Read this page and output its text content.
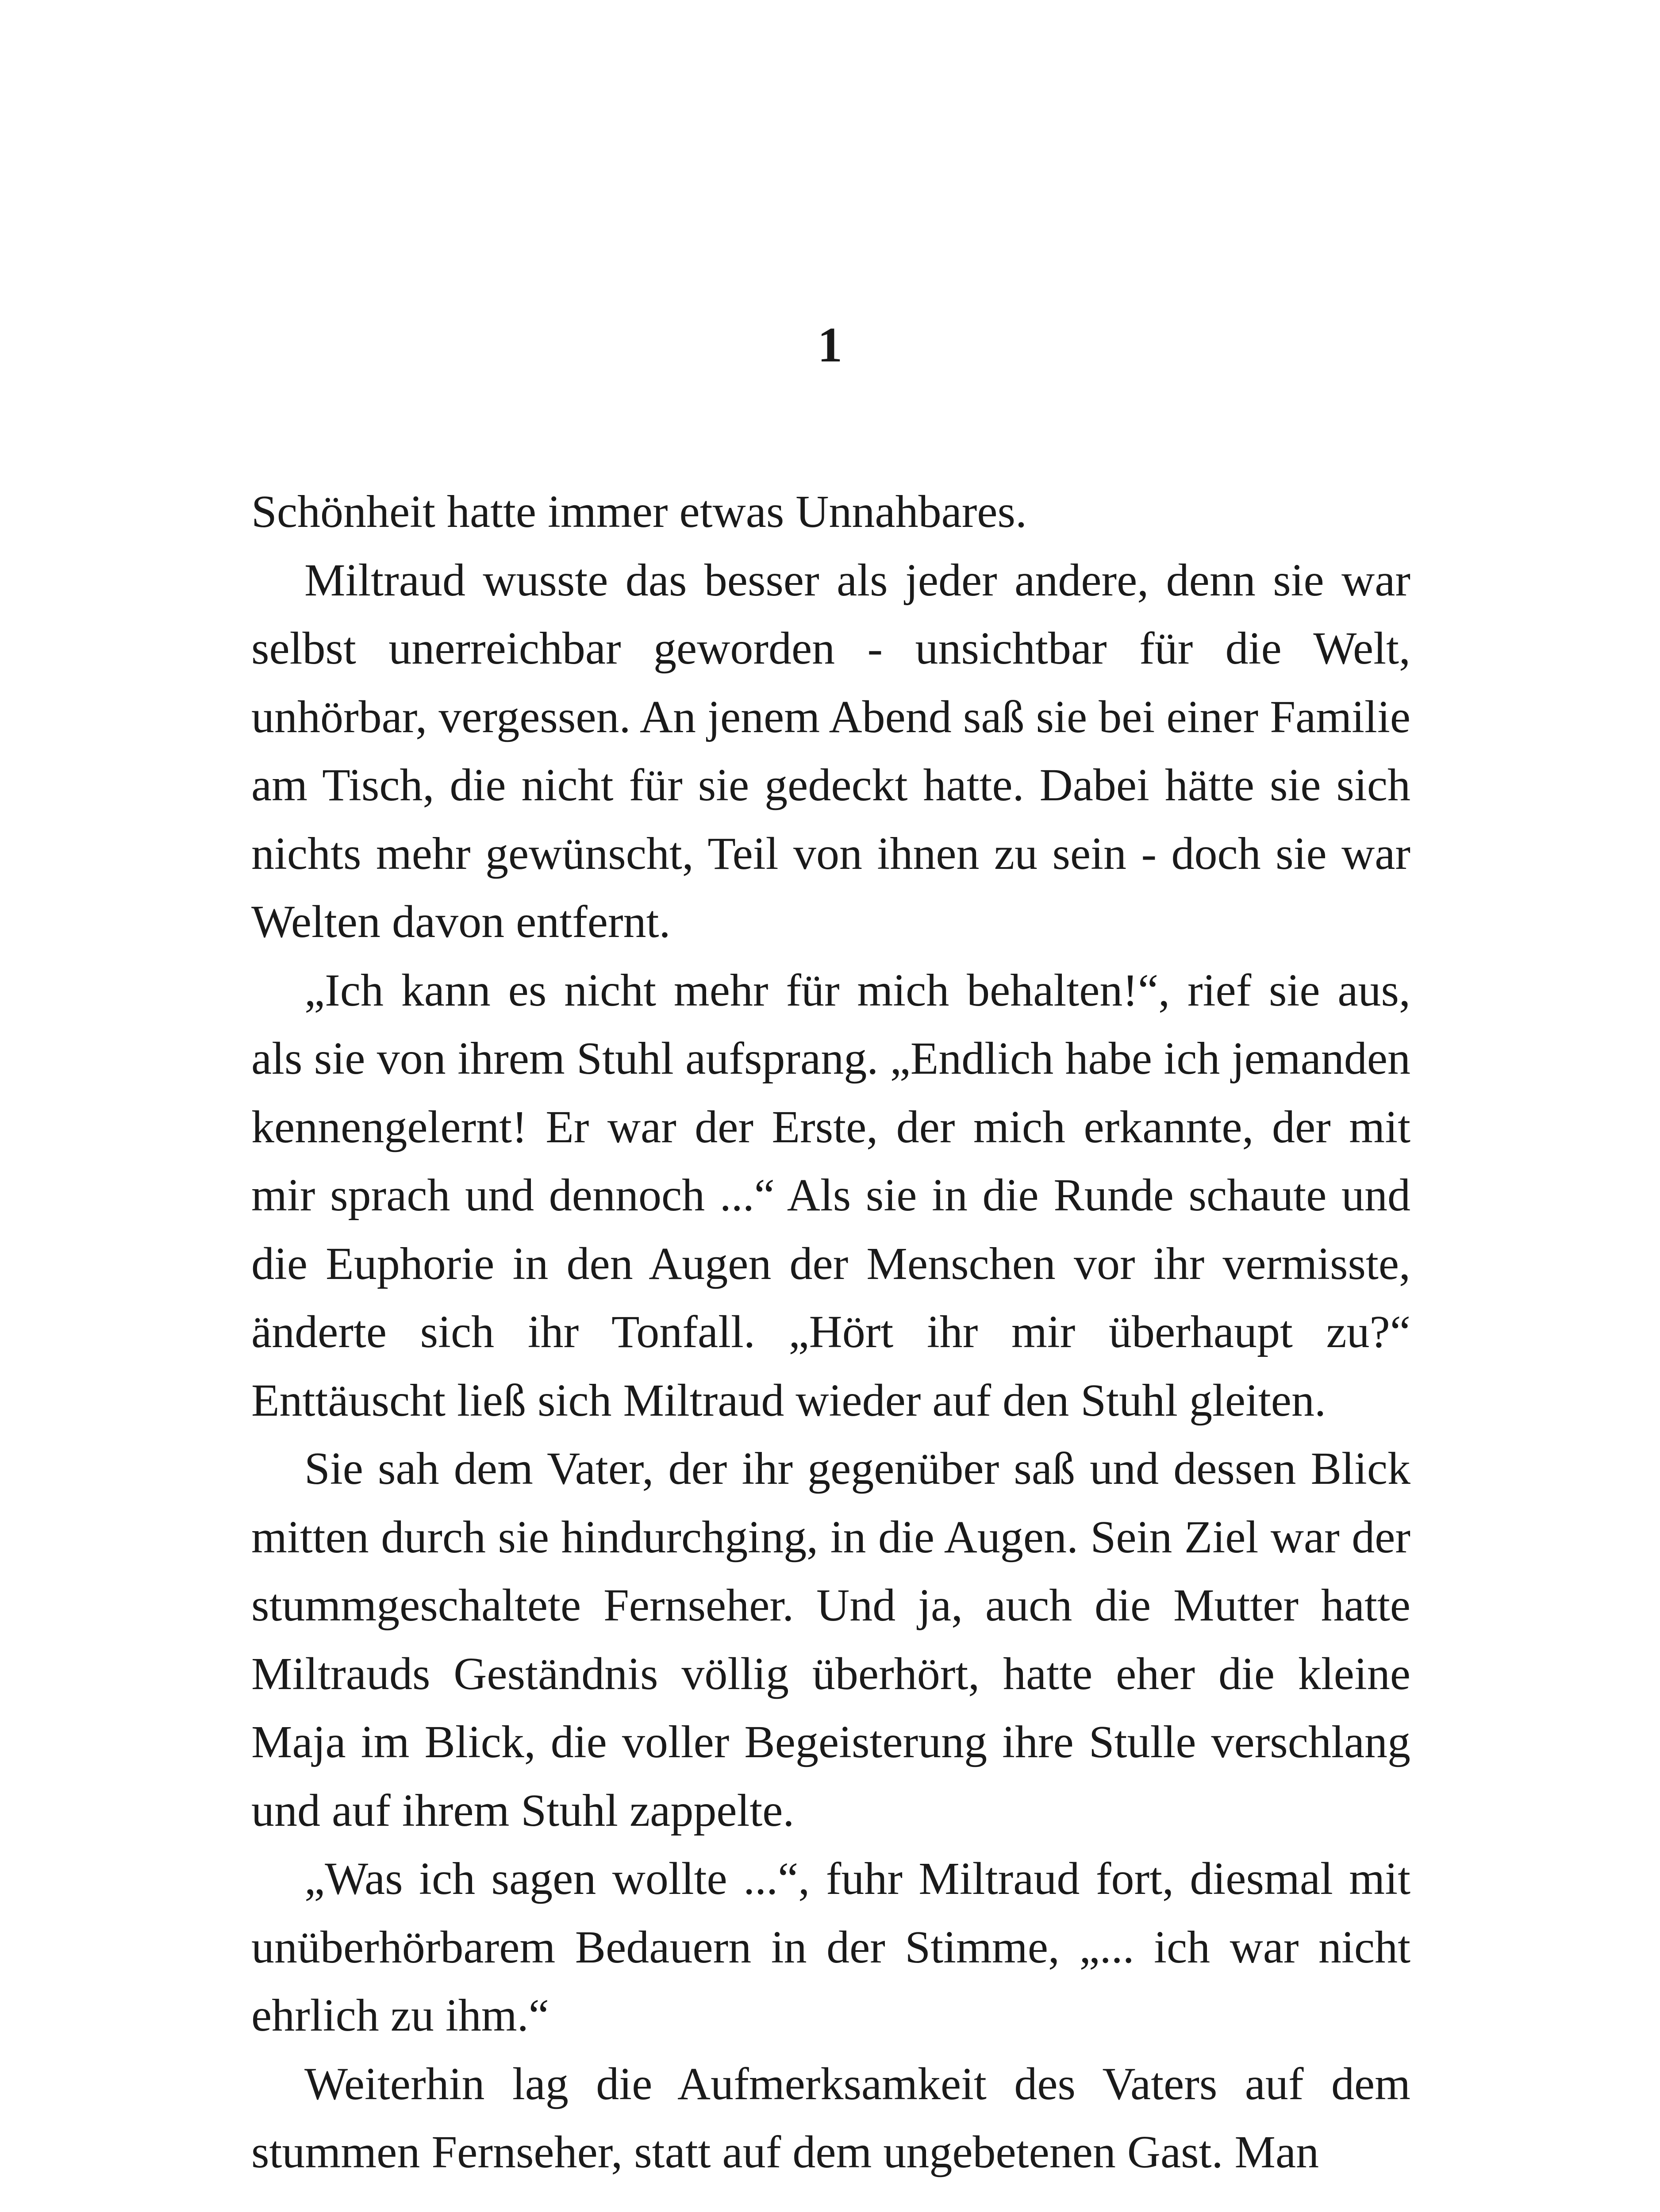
1

Schönheit hatte immer etwas Unnahbares.

Miltraud wusste das besser als jeder andere, denn sie war selbst unerreichbar geworden - unsichtbar für die Welt, unhörbar, vergessen. An jenem Abend saß sie bei einer Familie am Tisch, die nicht für sie gedeckt hatte. Dabei hätte sie sich nichts mehr gewünscht, Teil von ihnen zu sein - doch sie war Welten davon entfernt.

„Ich kann es nicht mehr für mich behalten!“, rief sie aus, als sie von ihrem Stuhl aufsprang. „Endlich habe ich jemanden kennengelernt! Er war der Erste, der mich erkannte, der mit mir sprach und dennoch ...“ Als sie in die Runde schaute und die Euphorie in den Augen der Menschen vor ihr vermisste, änderte sich ihr Tonfall. „Hört ihr mir überhaupt zu?“ Enttäuscht ließ sich Miltraud wieder auf den Stuhl gleiten.

Sie sah dem Vater, der ihr gegenüber saß und dessen Blick mitten durch sie hindurchging, in die Augen. Sein Ziel war der stummgeschaltete Fernseher. Und ja, auch die Mutter hatte Miltrauds Geständnis völlig überhört, hatte eher die kleine Maja im Blick, die voller Begeisterung ihre Stulle verschlang und auf ihrem Stuhl zappelte.

„Was ich sagen wollte ...“, fuhr Miltraud fort, diesmal mit unüberhörbarem Bedauern in der Stimme, „... ich war nicht ehrlich zu ihm.“

Weiterhin lag die Aufmerksamkeit des Vaters auf dem stummen Fernseher, statt auf dem ungebetenen Gast. Man
